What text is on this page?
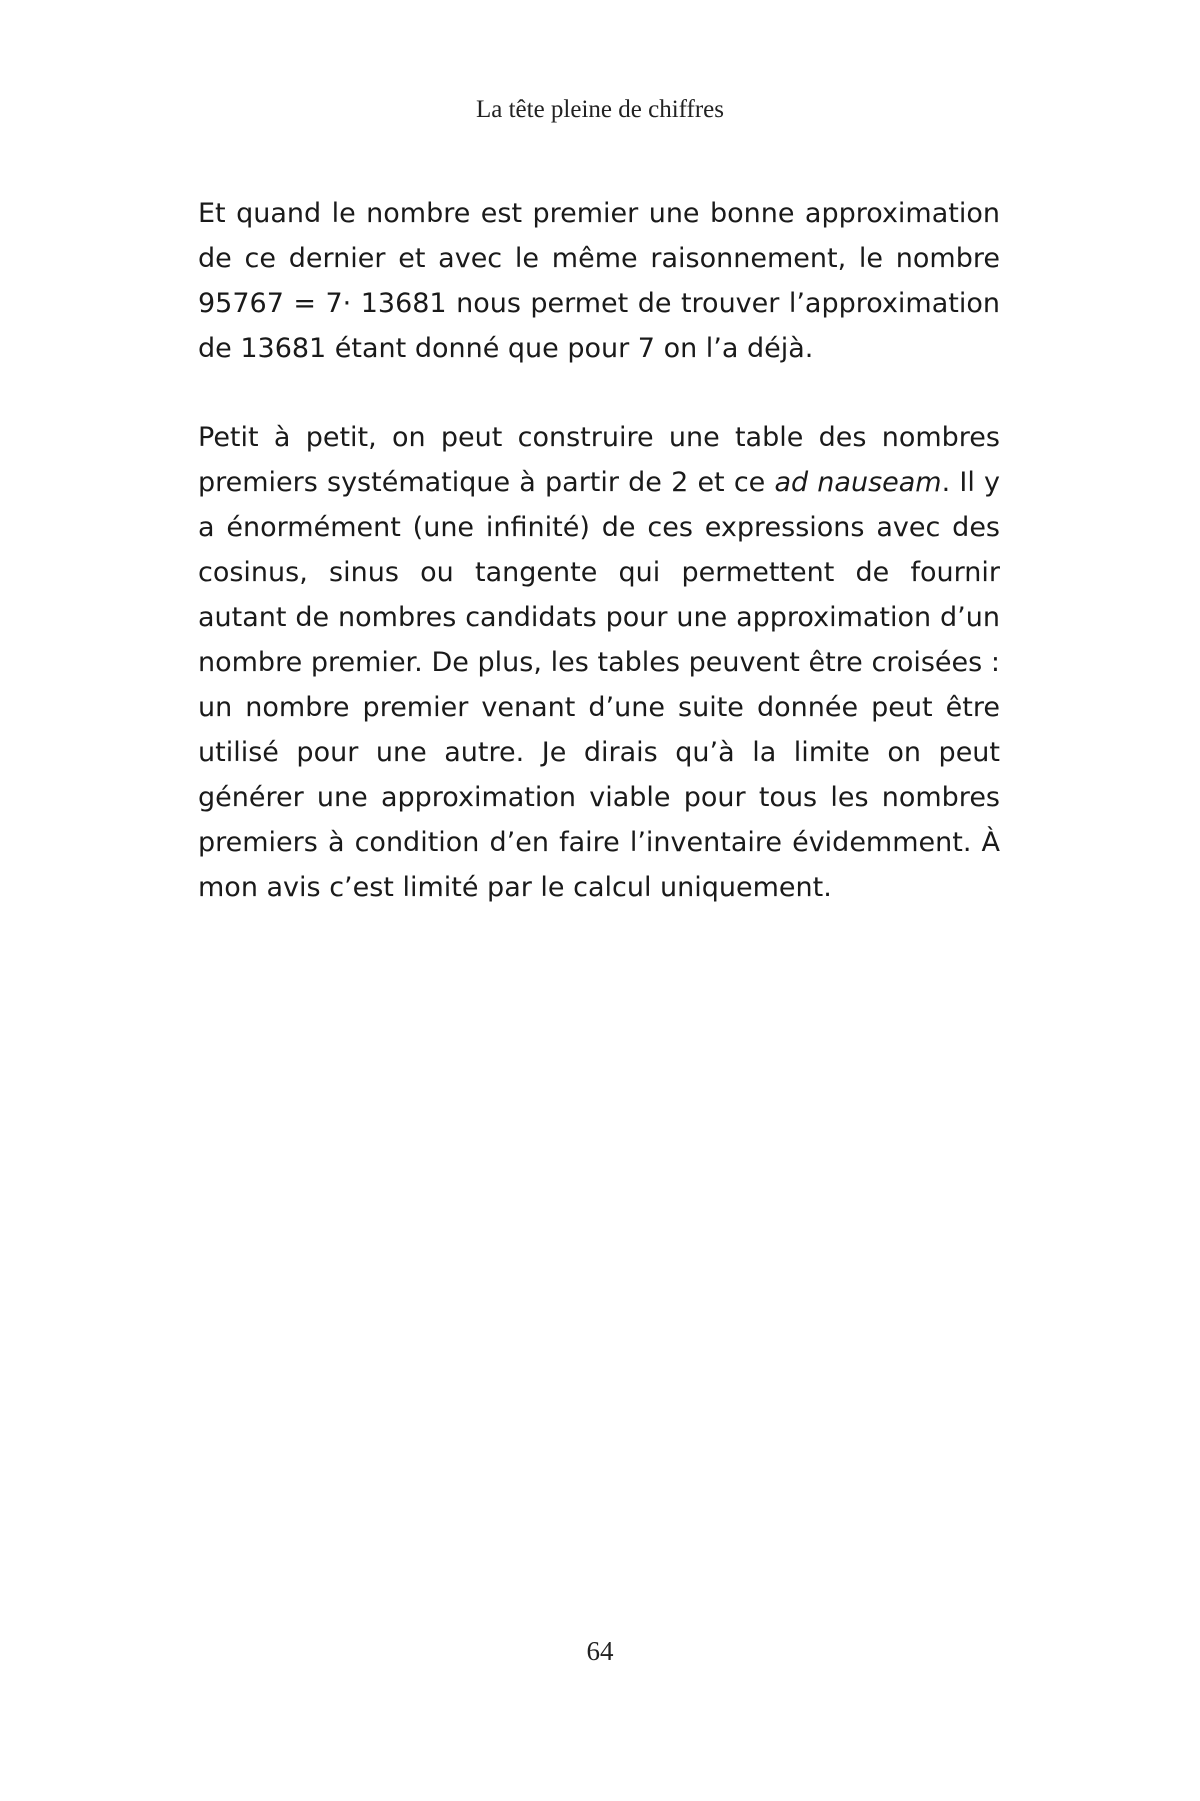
La tête pleine de chiffres

Et quand le nombre est premier une bonne approximation de ce dernier et avec le même raisonnement, le nombre 95767 = 7· 13681 nous permet de trouver l’approximation de 13681 étant donné que pour 7 on l’a déjà.

Petit à petit, on peut construire une table des nombres premiers systématique à partir de 2 et ce ad nauseam. Il y a énormément (une infinité) de ces expressions avec des cosinus, sinus ou tangente qui permettent de fournir autant de nombres candidats pour une approximation d’un nombre premier. De plus, les tables peuvent être croisées : un nombre premier venant d’une suite donnée peut être utilisé pour une autre. Je dirais qu’à la limite on peut générer une approximation viable pour tous les nombres premiers à condition d’en faire l’inventaire évidemment. À mon avis c’est limité par le calcul uniquement.

64
